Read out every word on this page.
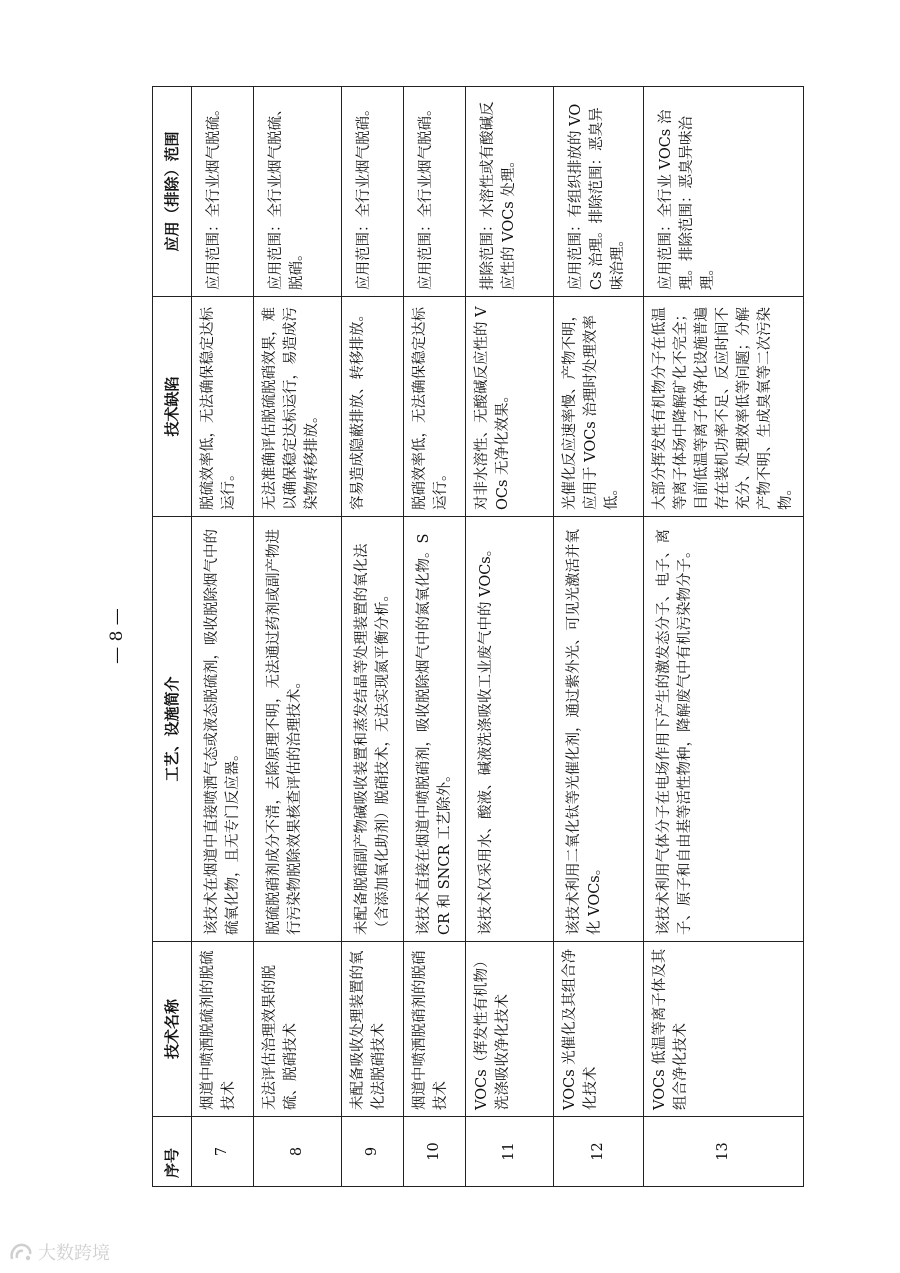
序号	技术名称	工艺、设施简介	技术缺陷	应用（排除）范围
7	烟道中喷洒脱硫剂的脱硫技术	该技术在烟道中直接喷洒气态或液态脱硫剂，吸收脱除烟气中的硫氧化物，且无专门反应器。	脱硫效率低，无法确保稳定达标运行。	应用范围：全行业烟气脱硫。
8	无法评估治理效果的脱硫、脱硝技术	脱硫脱硝剂成分不清，去除原理不明，无法通过药剂或副产物进行污染物脱除效果核查评估的治理技术。	无法准确评估脱硫脱硝效果，难以确保稳定达标运行，易造成污染物转移排放。	应用范围：全行业烟气脱硫、脱硝。
9	未配备吸收处理装置的氧化法脱硝技术	未配备脱硝副产物碱吸收装置和蒸发结晶等处理装置的氧化法（含添加氧化助剂）脱硝技术，无法实现氮平衡分析。	容易造成隐蔽排放、转移排放。	应用范围：全行业烟气脱硝。
10	烟道中喷洒脱硝剂的脱硝技术	该技术直接在烟道中喷脱硝剂，吸收脱除烟气中的氮氧化物。SCR 和 SNCR 工艺除外。	脱硝效率低，无法确保稳定达标运行。	应用范围：全行业烟气脱硝。
11	VOCs（挥发性有机物）洗涤吸收净化技术	该技术仅采用水、酸液、碱液洗涤吸收工业废气中的 VOCs。	对非水溶性、无酸碱反应性的 VOCs 无净化效果。	排除范围：水溶性或有酸碱反应性的 VOCs 处理。
12	VOCs 光催化及其组合净化技术	该技术利用二氧化钛等光催化剂，通过紫外光、可见光激活并氧化 VOCs。	光催化反应速率慢、产物不明，应用于 VOCs 治理时处理效率低。	应用范围：有组织排放的 VOCs 治理。排除范围：恶臭异味治理。
13	VOCs 低温等离子体及其组合净化技术	该技术利用气体分子在电场作用下产生的激发态分子、电子、离子、原子和自由基等活性物种，降解废气中有机污染物分子。	大部分挥发性有机物分子在低温等离子体场中降解矿化不完全；目前低温等离子体净化设施普遍存在装机功率不足、反应时间不充分、处理效率低等问题；分解产物不明、生成臭氧等二次污染物。	应用范围：全行业 VOCs 治理。排除范围：恶臭异味治理。
— 8 —
大数跨境
